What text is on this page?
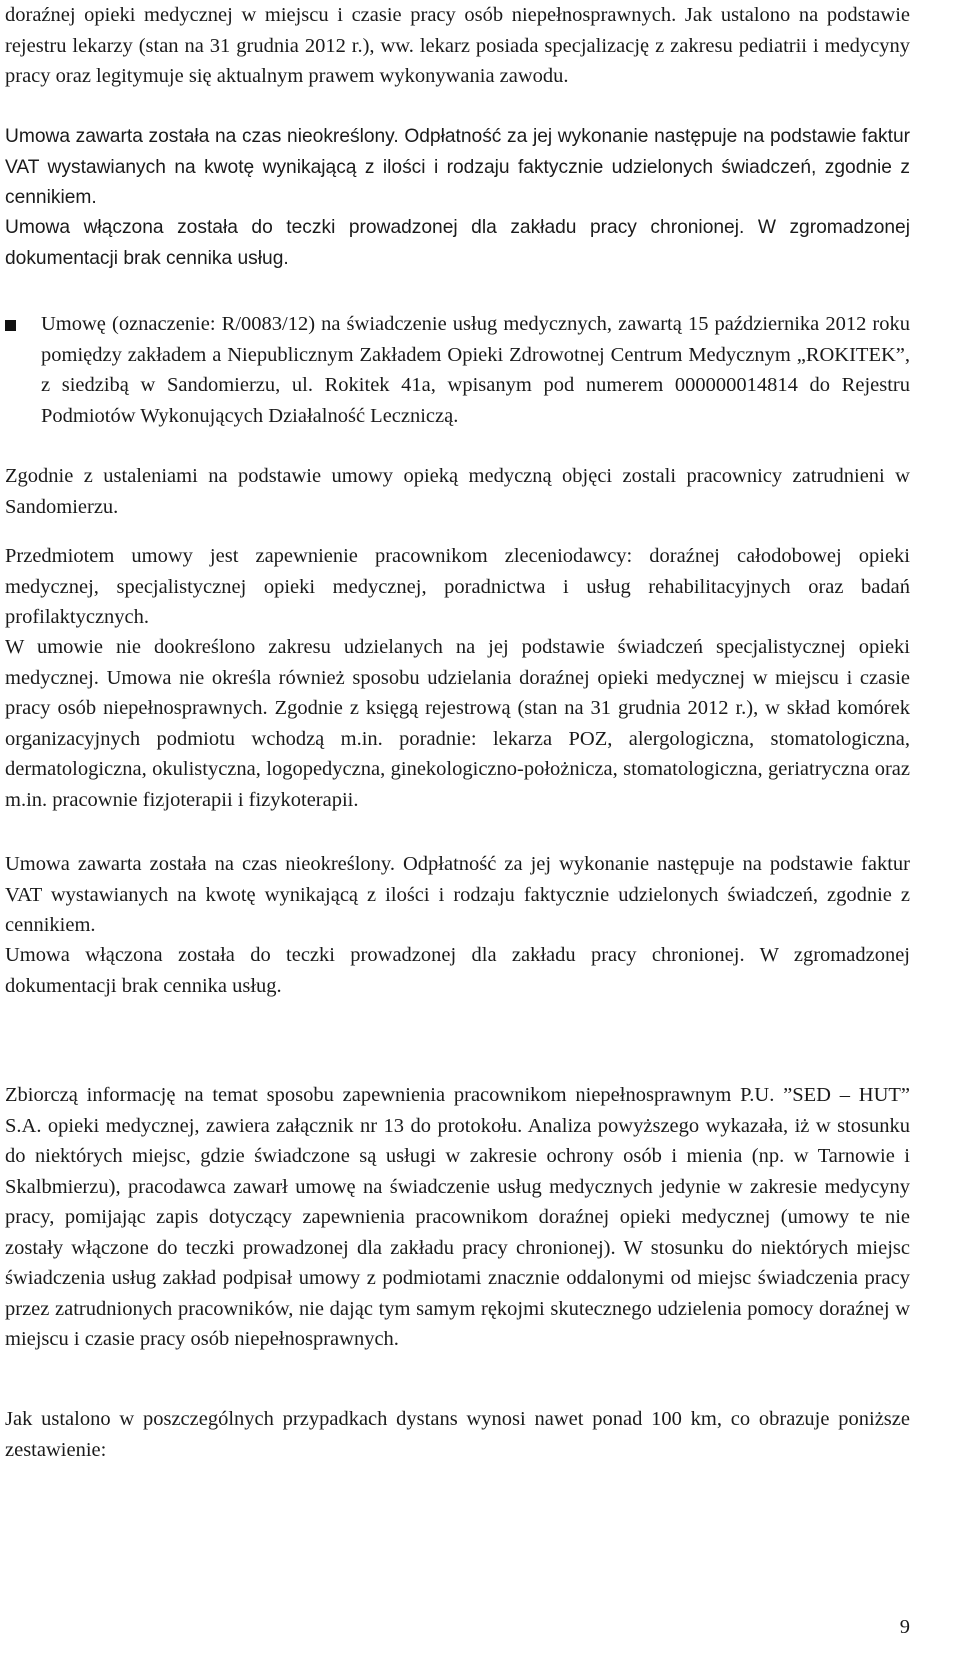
doraźnej opieki medycznej w miejscu i czasie pracy osób niepełnosprawnych. Jak ustalono na podstawie rejestru lekarzy (stan na 31 grudnia 2012 r.), ww. lekarz posiada specjalizację z zakresu pediatrii i medycyny pracy oraz legitymuje się aktualnym prawem wykonywania zawodu.

Umowa zawarta została na czas nieokreślony. Odpłatność za jej wykonanie następuje na podstawie faktur VAT wystawianych na kwotę wynikającą z ilości i rodzaju faktycznie udzielonych świadczeń, zgodnie z cennikiem.

Umowa włączona została do teczki prowadzonej dla zakładu pracy chronionej. W zgromadzonej dokumentacji brak cennika usług.

Umowę (oznaczenie: R/0083/12) na świadczenie usług medycznych, zawartą 15 października 2012 roku pomiędzy zakładem a Niepublicznym Zakładem Opieki Zdrowotnej Centrum Medycznym „ROKITEK”, z siedzibą w Sandomierzu, ul. Rokitek 41a, wpisanym pod numerem 000000014814 do Rejestru Podmiotów Wykonujących Działalność Leczniczą.

Zgodnie z ustaleniami na podstawie umowy opieką medyczną objęci zostali pracownicy zatrudnieni w Sandomierzu.

Przedmiotem umowy jest zapewnienie pracownikom zleceniodawcy: doraźnej całodobowej opieki medycznej, specjalistycznej opieki medycznej, poradnictwa i usług rehabilitacyjnych oraz badań profilaktycznych.

W umowie nie dookreślono zakresu udzielanych na jej podstawie świadczeń specjalistycznej opieki medycznej. Umowa nie określa również sposobu udzielania doraźnej opieki medycznej w miejscu i czasie pracy osób niepełnosprawnych. Zgodnie z księgą rejestrową (stan na 31 grudnia 2012 r.), w skład komórek organizacyjnych podmiotu wchodzą m.in. poradnie: lekarza POZ, alergologiczna, stomatologiczna, dermatologiczna, okulistyczna, logopedyczna, ginekologiczno-położnicza, stomatologiczna, geriatryczna oraz m.in. pracownie fizjoterapii i fizykoterapii.

Umowa zawarta została na czas nieokreślony. Odpłatność za jej wykonanie następuje na podstawie faktur VAT wystawianych na kwotę wynikającą z ilości i rodzaju faktycznie udzielonych świadczeń, zgodnie z cennikiem.

Umowa włączona została do teczki prowadzonej dla zakładu pracy chronionej. W zgromadzonej dokumentacji brak cennika usług.

Zbiorczą informację na temat sposobu zapewnienia pracownikom niepełnosprawnym P.U. ”SED – HUT” S.A. opieki medycznej, zawiera załącznik nr 13 do protokołu. Analiza powyższego wykazała, iż w stosunku do niektórych miejsc, gdzie świadczone są usługi w zakresie ochrony osób i mienia (np. w Tarnowie i Skalbmierzu), pracodawca zawarł umowę na świadczenie usług medycznych jedynie w zakresie medycyny pracy, pomijając zapis dotyczący zapewnienia pracownikom doraźnej opieki medycznej (umowy te nie zostały włączone do teczki prowadzonej dla zakładu pracy chronionej). W stosunku do niektórych miejsc świadczenia usług zakład podpisał umowy z podmiotami znacznie oddalonymi od miejsc świadczenia pracy przez zatrudnionych pracowników, nie dając tym samym rękojmi skutecznego udzielenia pomocy doraźnej w miejscu i czasie pracy osób niepełnosprawnych.

Jak ustalono w poszczególnych przypadkach dystans wynosi nawet ponad 100 km, co obrazuje poniższe zestawienie:

9
